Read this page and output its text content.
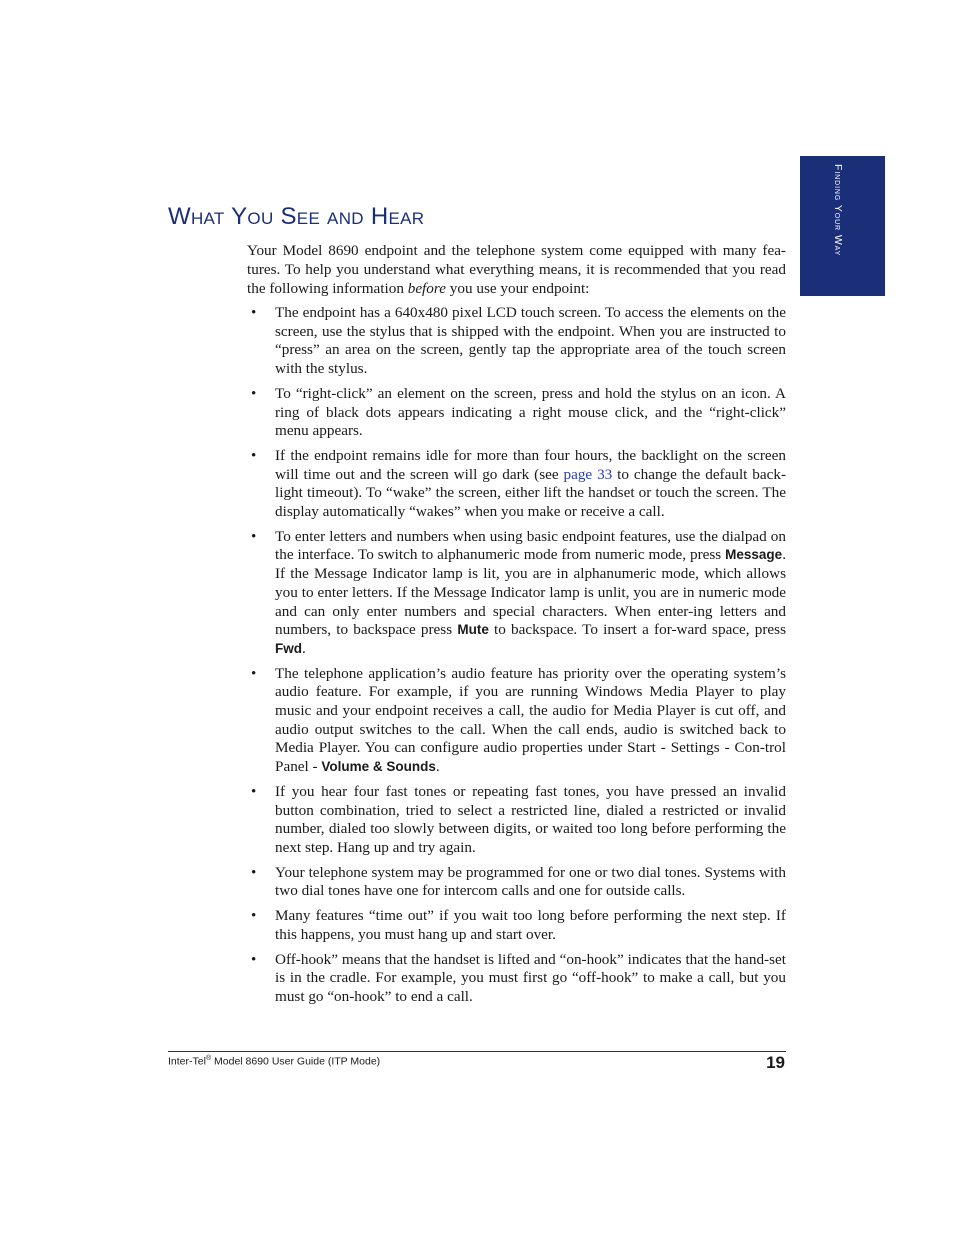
Finding Your Way
What You See and Hear

Your Model 8690 endpoint and the telephone system come equipped with many fea-tures. To help you understand what everything means, it is recommended that you read the following information before you use your endpoint:

• The endpoint has a 640x480 pixel LCD touch screen. To access the elements on the screen, use the stylus that is shipped with the endpoint. When you are instructed to “press” an area on the screen, gently tap the appropriate area of the touch screen with the stylus.
• To “right-click” an element on the screen, press and hold the stylus on an icon. A ring of black dots appears indicating a right mouse click, and the “right-click” menu appears.
• If the endpoint remains idle for more than four hours, the backlight on the screen will time out and the screen will go dark (see page 33 to change the default back-light timeout). To “wake” the screen, either lift the handset or touch the screen. The display automatically “wakes” when you make or receive a call.
• To enter letters and numbers when using basic endpoint features, use the dialpad on the interface. To switch to alphanumeric mode from numeric mode, press Message. If the Message Indicator lamp is lit, you are in alphanumeric mode, which allows you to enter letters. If the Message Indicator lamp is unlit, you are in numeric mode and can only enter numbers and special characters. When enter-ing letters and numbers, to backspace press Mute to backspace. To insert a for-ward space, press Fwd.
• The telephone application’s audio feature has priority over the operating system’s audio feature. For example, if you are running Windows Media Player to play music and your endpoint receives a call, the audio for Media Player is cut off, and audio output switches to the call. When the call ends, audio is switched back to Media Player. You can configure audio properties under Start - Settings - Con-trol Panel - Volume & Sounds.
• If you hear four fast tones or repeating fast tones, you have pressed an invalid button combination, tried to select a restricted line, dialed a restricted or invalid number, dialed too slowly between digits, or waited too long before performing the next step. Hang up and try again.
• Your telephone system may be programmed for one or two dial tones. Systems with two dial tones have one for intercom calls and one for outside calls.
• Many features “time out” if you wait too long before performing the next step. If this happens, you must hang up and start over.
• Off-hook” means that the handset is lifted and “on-hook” indicates that the hand-set is in the cradle. For example, you must first go “off-hook” to make a call, but you must go “on-hook” to end a call.
Inter-Tel® Model 8690 User Guide (ITP Mode)	19
